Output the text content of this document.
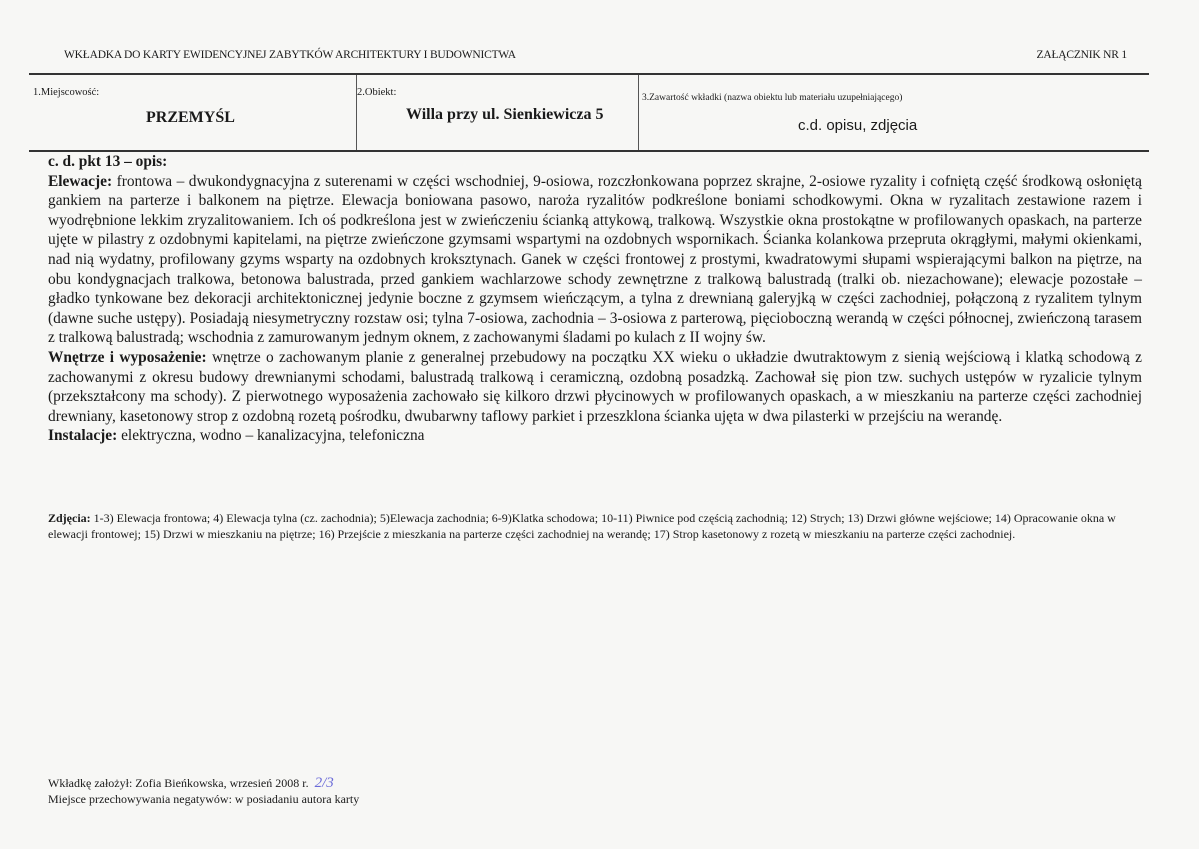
WKŁADKA DO KARTY EWIDENCYJNEJ ZABYTKÓW ARCHITEKTURY I BUDOWNICTWA	ZAŁĄCZNIK NR 1
1.Miejscowość:
PRZEMYŚL
2.Obiekt:
Willa przy ul. Sienkiewicza 5
3.Zawartość wkładki (nazwa obiektu lub materiału uzupełniającego)
c.d. opisu, zdjęcia

c. d. pkt 13 – opis:

Elewacje: frontowa – dwukondygnacyjna z suterenami w części wschodniej, 9-osiowa, rozczłonkowana poprzez skrajne, 2-osiowe ryzality i cofniętą część środkową osłoniętą gankiem na parterze i balkonem na piętrze. Elewacja boniowana pasowo, naroża ryzalitów podkreślone boniami schodkowymi. Okna w ryzalitach zestawione razem i wyodrębnione lekkim zryzalitowaniem. Ich oś podkreślona jest w zwieńczeniu ścianką attykową, tralkową. Wszystkie okna prostokątne w profilowanych opaskach, na parterze ujęte w pilastry z ozdobnymi kapitelami, na piętrze zwieńczone gzymsami wspartymi na ozdobnych wspornikach. Ścianka kolankowa przepruta okrągłymi, małymi okienkami, nad nią wydatny, profilowany gzyms wsparty na ozdobnych kroksztynach. Ganek w części frontowej z prostymi, kwadratowymi słupami wspierającymi balkon na piętrze, na obu kondygnacjach tralkowa, betonowa balustrada, przed gankiem wachlarzowe schody zewnętrzne z tralkową balustradą (tralki ob. niezachowane); elewacje pozostałe – gładko tynkowane bez dekoracji architektonicznej jedynie boczne z gzymsem wieńczącym, a tylna z drewnianą galeryjką w części zachodniej, połączoną z ryzalitem tylnym (dawne suche ustępy). Posiadają niesymetryczny rozstaw osi; tylna 7-osiowa, zachodnia – 3-osiowa z parterową, pięcioboczną werandą w części północnej, zwieńczoną tarasem z tralkową balustradą; wschodnia z zamurowanym jednym oknem, z zachowanymi śladami po kulach z II wojny św.

Wnętrze i wyposażenie: wnętrze o zachowanym planie z generalnej przebudowy na początku XX wieku o układzie dwutraktowym z sienią wejściową i klatką schodową z zachowanymi z okresu budowy drewnianymi schodami, balustradą tralkową i ceramiczną, ozdobną posadzką. Zachował się pion tzw. suchych ustępów w ryzalicie tylnym (przekształcony ma schody). Z pierwotnego wyposażenia zachowało się kilkoro drzwi płycinowych w profilowanych opaskach, a w mieszkaniu na parterze części zachodniej drewniany, kasetonowy strop z ozdobną rozetą pośrodku, dwubarwny taflowy parkiet i przeszklona ścianka ujęta w dwa pilasterki w przejściu na werandę.

Instalacje: elektryczna, wodno – kanalizacyjna, telefoniczna

Zdjęcia: 1-3) Elewacja frontowa; 4) Elewacja tylna (cz. zachodnia); 5)Elewacja zachodnia; 6-9)Klatka schodowa; 10-11) Piwnice pod częścią zachodnią; 12) Strych; 13) Drzwi główne wejściowe; 14) Opracowanie okna w elewacji frontowej; 15) Drzwi w mieszkaniu na piętrze; 16) Przejście z mieszkania na parterze części zachodniej na werandę; 17) Strop kasetonowy z rozetą w mieszkaniu na parterze części zachodniej.
Wkładkę założył: Zofia Bieńkowska, wrzesień 2008 r. 2/3
Miejsce przechowywania negatywów: w posiadaniu autora karty
